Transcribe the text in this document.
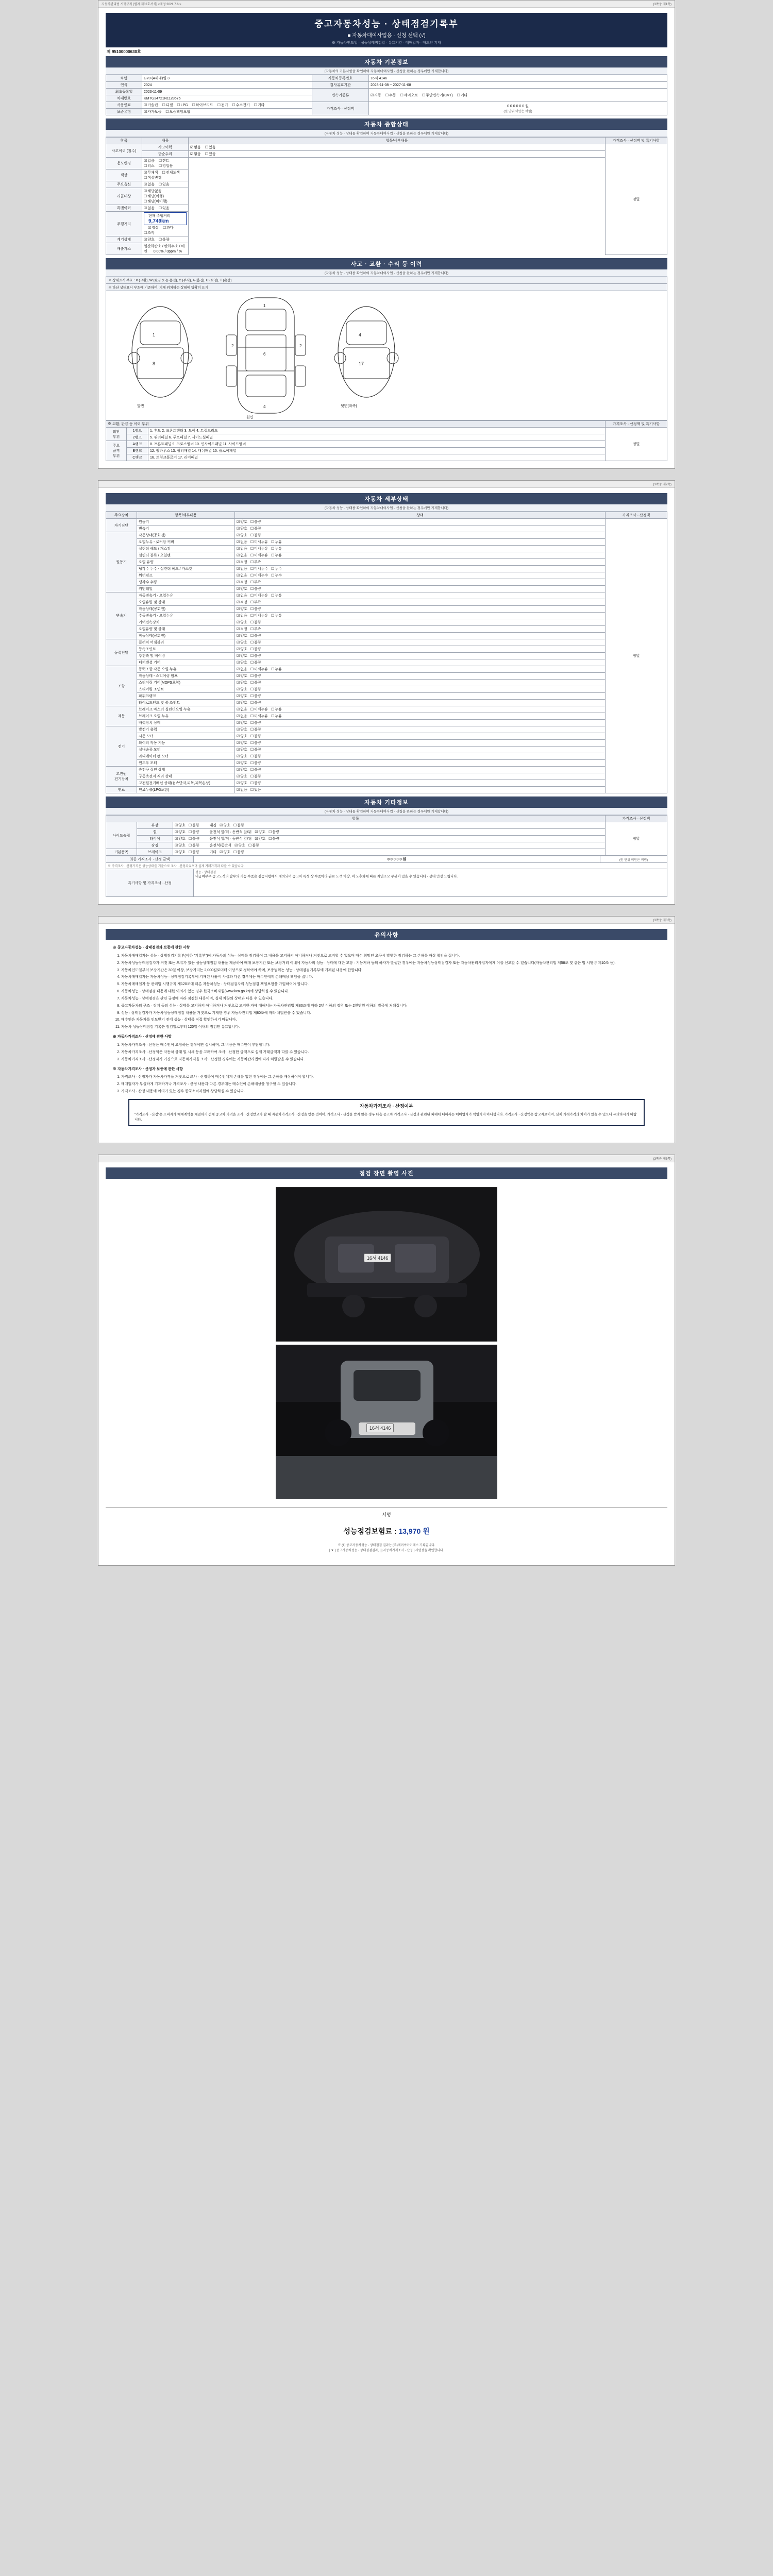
자동차관리법 시행규칙 [별지 제82호서식] <개정 2021.7.6.>	(3쪽중 제1쪽)
중고자동차성능 · 상태점검기록부
■ 자동차대여사업용 · 신청 선택 (√)
※ 자동차인도일 · 성능상태점검일 · 유효기간 · 매매업자 · 매도인 기재
제 95100000630호
자동차 기본정보
(자동차의 기본사항을 확인하여 자동차대여사업 · 신청을 완하는 경우에만 기재합니다)
차명	G70 (4세대)일 3	자동차등록번호	16서 4146
연식	2024	검사유효기간	2023-11-08 ~ 2027-11-08
최초등록일	2023-11-09	변속기종류	☑자동 ☐수동 ☐세미오토 ☐무단변속기(CVT) ☐기타
차대번호	KMTG34721N1128576		
사용연료	☑가솔린 ☐디젤 ☐LPG ☐하이브리드 ☐전기 ☐수소전기 ☐기타	가격조사 · 산정액	0 0 0 0 0 0 원
(원 단위 미만은 버림)

보증유형	☑자가보증 ☐보증책임보험		
자동차 종합상태
(자동차 성능 · 상태를 확인하여 자동차대여사업 · 신청을 완하는 경우에만 기재합니다)
항목	내용	항목/세부내용	가격조사 · 산정액 및 특기사항
사고이력 (침수)	사고이력	☑없음 ☐있음	정밀

	단순수리	☑없음 ☐있음	
용도변경	☑없음 ☐렌트 ☐리스 ☐영업용		
색상	☑무채색 ☐전체도색 ☐색상변경		
주요옵션	☑없음 ☐있음		
리콜대상	☑해당없음 ☐해당(이행) ☐해당(미이행)		
특별이력	☑없음 ☐있음		
주행거리	현재 주행거리 9,749km ☑정상 ☐과다 ☐조작		
계기상태	☑양호 ☐불량		
배출가스	일산화탄소 / 탄화수소 / 매연 0.00% / 0ppm / %		
사고 · 교환 · 수리 등 이력
(자동차 성능 · 상태를 확인하여 자동차대여사업 · 신청을 완하는 경우에만 기재합니다)
※ 상태표시 부호 : X (교환), W (판금 또는 용접), C (부식), A (흠집), U (요철), T (손상)
※ 하단 상태표시 부호에 기준하여, 기재 위치하는 상태에 명확히 표기
1
8
1
6
4
2	2
4
17
앞면
윗면
뒷면(좌측)
※ 교환, 판금 등 이력 부위			가격조사 · 산정액 및 특기사항
외판
부위	1랭크	1. 후드 2. 프론트펜더 3. 도어 4. 트렁크리드	정밀
	2랭크	5. 쿼터패널 6. 루프패널 7. 사이드실패널	
주요
골격
부위	A랭크	8. 프론트패널 9. 크로스멤버 10. 인사이드패널 11. 사이드멤버	
	B랭크	12. 휠하우스 13. 필러패널 14. 대쉬패널 15. 플로어패널	
	C랭크	16. 트렁크플로어 17. 리어패널	
(3쪽중 제2쪽)
자동차 세부상태
(자동차 성능 · 상태를 확인하여 자동차대여사업 · 신청을 완하는 경우에만 기재합니다)
주요장치	항목/세부내용	상태	가격조사 · 산정액
자기진단	원동기	☑양호 ☐불량	정밀
	변속기	☑양호 ☐불량	
원동기	작동상태(공회전)	☑양호 ☐불량	
	오일누유 - 로커암 커버	☑없음 ☐미세누유 ☐누유	
	실린더 헤드 / 개스킷	☑없음 ☐미세누유 ☐누유	
	실린더 블록 / 오일팬	☑없음 ☐미세누유 ☐누유	
	오일 유량	☑적정 ☐부족	
	냉각수 누수 - 실린더 헤드 / 가스켓	☑없음 ☐미세누수 ☐누수	
	워터펌프	☑없음 ☐미세누수 ☐누수	
	냉각수 수량	☑적정 ☐부족	
	커먼레일	☑양호 ☐불량	
변속기	자동변속기 - 오일누유	☑없음 ☐미세누유 ☐누유	
	오일유량 및 상태	☑적정 ☐부족	
	작동상태(공회전)	☑양호 ☐불량	
	수동변속기 - 오일누유	☑없음 ☐미세누유 ☐누유	
	기어변속장치	☑양호 ☐불량	
	오일유량 및 상태	☑적정 ☐부족	
	작동상태(공회전)	☑양호 ☐불량	
동력전달	클러치 어셈블리	☑양호 ☐불량	
	등속조인트	☑양호 ☐불량	
	추진축 및 베어링	☑양호 ☐불량	
	디퍼렌셜 기어	☑양호 ☐불량	
조향	동력조향 작동 오일 누유	☑없음 ☐미세누유 ☐누유	
	작동상태 - 스티어링 펌프	☑양호 ☐불량	
	스티어링 기어(MDPS포함)	☑양호 ☐불량	
	스티어링 조인트	☑양호 ☐불량	
	파워크랭크	☑양호 ☐불량	
	타이로드엔드 및 볼 조인트	☑양호 ☐불량	
제동	브레이크 마스터 실린더오일 누유	☑없음 ☐미세누유 ☐누유	
	브레이크 오일 누유	☑없음 ☐미세누유 ☐누유	
	배력장치 상태	☑양호 ☐불량	
전기	발전기 출력	☑양호 ☐불량	
	시동 모터	☑양호 ☐불량	
	와이퍼 작동 기능	☑양호 ☐불량	
	실내송풍 모터	☑양호 ☐불량	
	라디에이터 팬 모터	☑양호 ☐불량	
	윈도우 모터	☑양호 ☐불량	
고전원
전기장치	충전구 절연 상태	☑양호 ☐불량	
	구동축전지 격리 상태	☑양호 ☐불량	
	고전원전기배선 상태(접속단자,피복,피복손상)	☑양호 ☐불량	
연료	연료누출(LPG포함)	☑없음 ☐있음	
자동차 기타정보
(자동차 성능 · 상태를 확인하여 자동차대여사업 · 신청을 완하는 경우에만 기재합니다)
항목			가격조사 · 산정액
사이드슬립	유강	☑양호 ☐불량 내경 ☑양호 ☐불량	정밀
	휠	☑양호 ☐불량 운전석 앞/뒤 · 동반석 앞/뒤 ☑양호 ☐불량	
	타이어	☑양호 ☐불량 운전석 앞/뒤 · 동반석 앞/뒤 ☑양호 ☐불량	
	잠김	☑양호 ☐불량 운전석/동반석 ☑양호 ☐불량	
기본품목	브레이크	☑양호 ☐불량 기타 ☑양호 ☐불량	
최종 가격조사 · 산정 금액	0 0 0 0 0 원	(원 단위 미만은 버림)
※ 가격조사 · 산정가격은 성능상태를 기준으로 조사 · 산정되었으며 실제 거래가격과 다를 수 있습니다.		
특기사항 및 가격조사 · 산정	성능 · 상태점검
비급여부무 중고노적의 합부의 기능 부품은 검증시템에서 제외되며 중고차 특성 상 부품마다 완료 도색 마땅, 미 노후화에 따른 자연소모 부분이 있을 수 있습니다 · 상태 인정 드립니다.	
(3쪽중 제3쪽)
유의사항
※ 중고자동차성능 · 상태점검과 보증에 관한 사항
1. 자동차매매업자는 성능 · 상태점검기록부(이하 "기록부")에 자동차의 성능 · 상태를 점검하여 그 내용을 고지하지 아니하거나 거짓으로 고지할 수 없으며 매수 희망인 요구시 발행한 점검하는 그 손해를 배상 책임을 집니다.
2. 자동차성능상태점검자가 거짓 또는 오류가 있는 성능상태점검 내용을 제공하여 매매 보장기간 또는 보장거리 이내에 자동차의 성능 · 상태에 대한 고장 · 기능저하 등의 하자가 발생한 경우에는 자동차성능상태점검자 또는 자동차관리사업자에게 이를 신고할 수 있습니다(자동차관리법 제58조 및 같은 법 시행령 제10조 등).
3. 자동차인도일부터 보장기간은 30일 이상, 보장거리는 2,000킬로미터 이상으로 정하여야 하며, 보증범위는 성능 · 상태점검기록부에 기재된 내용에 한합니다.
4. 자동차매매업자는 자동차성능 · 상태점검기록부에 기재된 내용이 사실과 다른 경우에는 매수인에게 손해배상 책임을 집니다.
5. 자동차매매업자 등 관리법 시행규칙 제120조에 따른 자동차성능 · 상태점검자의 성능점검 책임보험을 가입하여야 합니다.
6. 자동차성능 · 상태점검 내용에 대한 이의가 있는 경우 한국소비자원(www.kca.go.kr)에 상담하실 수 있습니다.
7. 자동차성능 · 상태점검은 관련 규정에 따라 점검한 내용이며, 실제 차량의 상태와 다를 수 있습니다.
8. 중고자동차의 구조 · 장치 등의 성능 · 상태를 고지하지 아니하거나 거짓으로 고지한 자에 대해서는 자동차관리법 제80조에 따라 2년 이하의 징역 또는 2천만원 이하의 벌금에 처해집니다.
9. 성능 · 상태점검자가 자동차성능상태점검 내용을 거짓으로 기재한 경우 자동차관리법 제80조에 따라 처벌받을 수 있습니다.
10. 매수인은 자동차를 인도받기 전에 성능 · 상태를 직접 확인하시기 바랍니다.
11. 자동차 성능상태점검 기록은 점검일로부터 120일 이내의 점검만 유효합니다.
※ 자동차가격조사 · 산정에 관한 사항
1. 자동차가격조사 · 산정은 매수인이 요청하는 경우에만 실시하며, 그 비용은 매수인이 부담합니다.
2. 자동차가격조사 · 산정액은 자동차 상태 및 시세 등을 고려하여 조사 · 산정한 금액으로 실제 거래금액과 다를 수 있습니다.
3. 자동차가격조사 · 산정자가 거짓으로 자동차가격을 조사 · 산정한 경우에는 자동차관리법에 따라 처벌받을 수 있습니다.
※ 자동차가격조사 · 산정자 보증에 관한 사항
1. 가격조사 · 산정자가 자동차가격을 거짓으로 조사 · 산정하여 매수인에게 손해를 입힌 경우에는 그 손해를 배상하여야 합니다.
2. 매매업자가 부실하게 기재하거나 가격조사 · 산정 내용과 다른 경우에는 매수인이 손해배상을 청구할 수 있습니다.
3. 가격조사 · 산정 내용에 이의가 있는 경우 한국소비자원에 상담하실 수 있습니다.
자동차가격조사 · 산정여부
"가격조사 · 산정"은 소비자가 매매계약을 체결하기 전에 중고차 가격을 조사 · 산정받고자 할 때 자동차가격조사 · 산정을 받은 것이며, 가격조사 · 산정을 받지 않은 경우 다음 중고차 가격조사 · 산정과 관련된 피해에 대해서는 매매업자가 책임지지 아니합니다. 가격조사 · 산정액은 참고자료이며, 실제 거래가격과 차이가 있을 수 있으니 유의하시기 바랍니다.
(3쪽중 제3쪽)
점검 장면 촬영 사진
16서 4146
16서 4146
서명
성능점검보험료 : 13,970 원
※ (1) 중고자동차성능 · 상태점검 결과는 (주)케이씨아이에스 기록입니다.
[ ▼ ] 중고자동차성능 · 상태점검결과, [ ] 자동차가격조사 · 산정 ] 사업장을 확인합니다.
